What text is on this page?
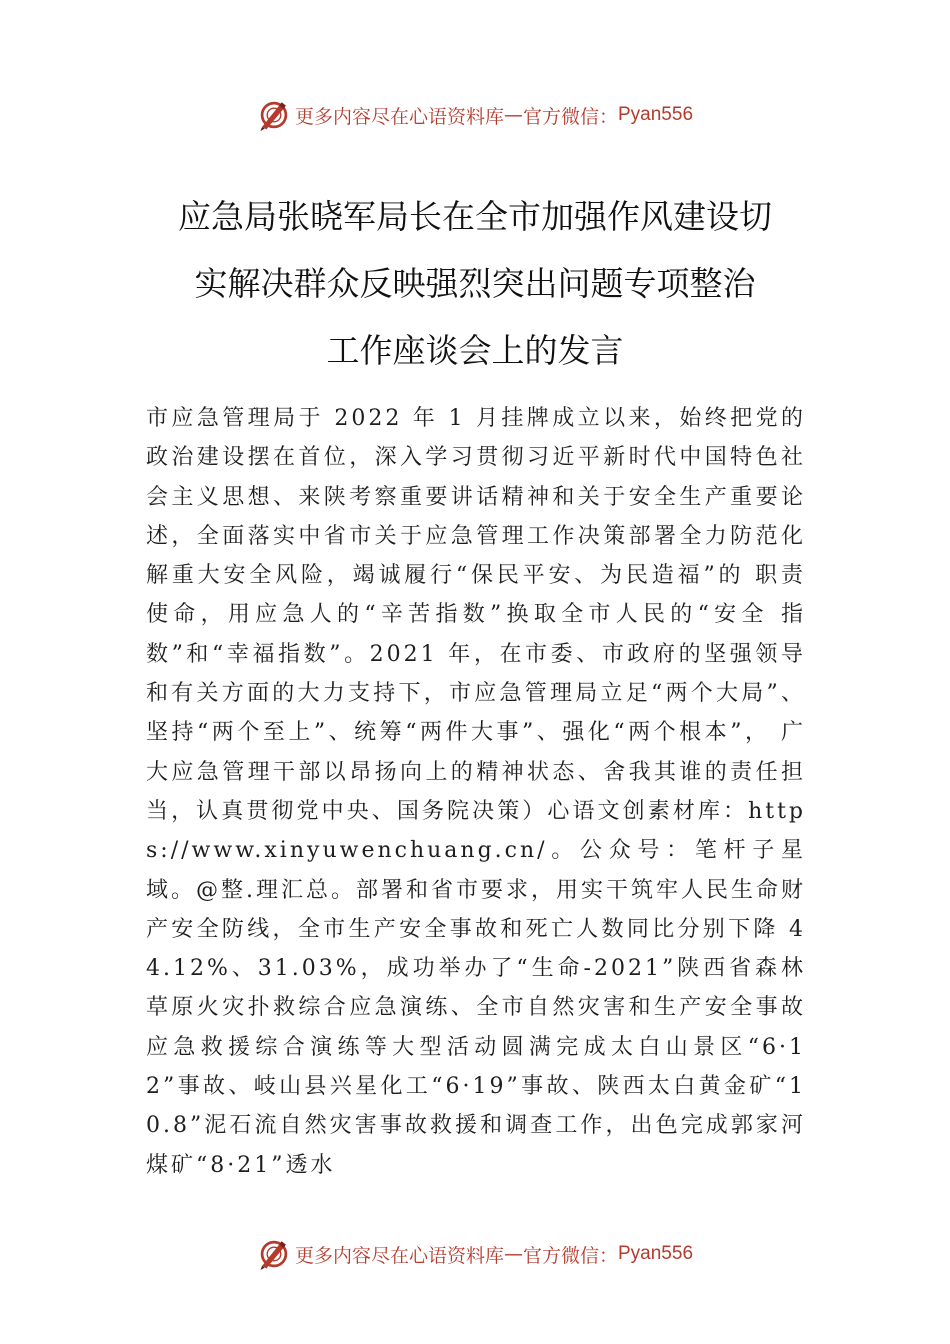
更多内容尽在心语资料库 — 官方微信： Pyan556
应急局张晓军局长在全市加强作风建设切
实解决群众反映强烈突出问题专项整治
工作座谈会上的发言

市应急管理局于 2022 年 1 月挂牌成立以来，始终把党的政治建设摆在首位，深入学习贯彻习近平新时代中国特色社会主义思想、来陕考察重要讲话精神和关于安全生产重要论述，全面落实中省市关于应急管理工作决策部署全力防范化解重大安全风险，竭诚履行“保民平安、为民造福”的 职责使命，用应急人的“辛苦指数”换取全市人民的“安全 指数”和“幸福指数”。2021 年，在市委、市政府的坚强领导和有关方面的大力支持下，市应急管理局立足“两个大局”、坚持“两个至上”、统筹“两件大事”、强化“两个根本”， 广大应急管理干部以昂扬向上的精神状态、舍我其谁的责任担当，认真贯彻党中央、国务院决策）心语文创素材库：https://www.xinyuwenchuang.cn/。公众号：笔杆子星域。@整.理汇总。部署和省市要求，用实干筑牢人民生命财产安全防线，全市生产安全事故和死亡人数同比分别下降 44.12%、31.03%，成功举办了“生命-2021”陕西省森林草原火灾扑救综合应急演练、全市自然灾害和生产安全事故应急救援综合演练等大型活动圆满完成太白山景区“6·12”事故、岐山县兴星化工“6·19”事故、陕西太白黄金矿“10.8”泥石流自然灾害事故救援和调查工作，出色完成郭家河煤矿“8·21”透水

更多内容尽在心语资料库 — 官方微信： Pyan556
